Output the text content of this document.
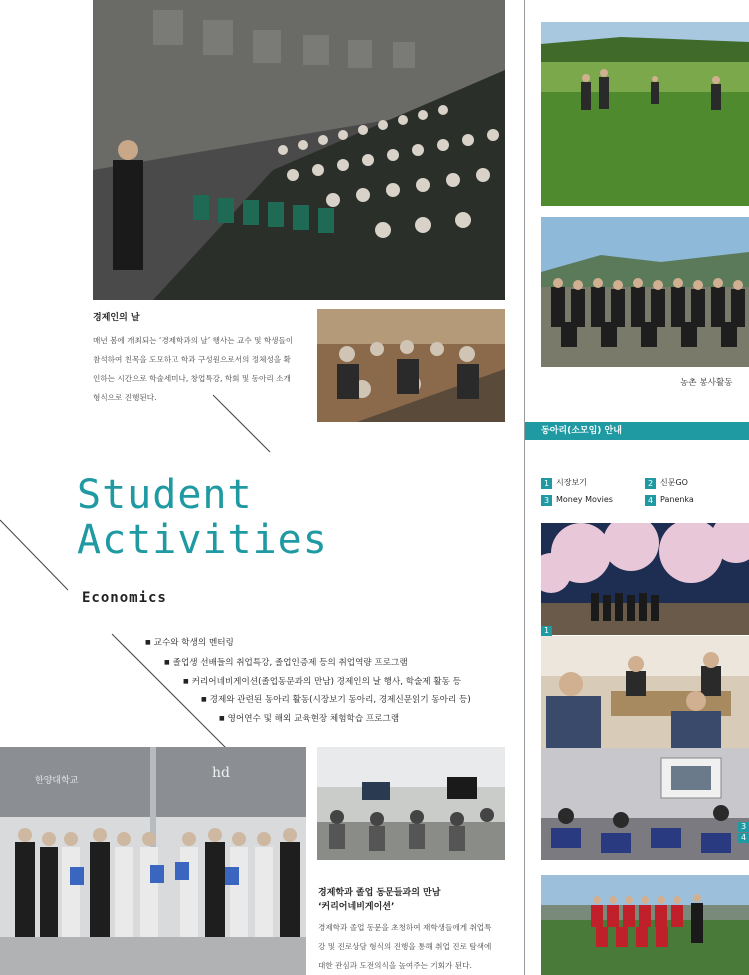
경제인의 날
매년 봄에 개최되는 ‘경제학과의 날’ 행사는 교수 및 학생들이
참석하여 친목을 도모하고 학과 구성원으로서의 정체성을 확
인하는 시간으로 학술세미나, 창업특강, 학회 및 동아리 소개
형식으로 진행된다.
Student
Activities
Economics
■ 교수와 학생의 멘터링
■ 졸업생 선배들의 취업특강, 졸업인증제 등의 취업역량 프로그램
■ 커리어네비게이션(졸업동문과의 만남) 경제인의 날 행사, 학술제 활동 등
■ 경제와 관련된 동아리 활동(시장보기 동아리, 경제신문읽기 동아리 등)
■ 영어연수 및 해외 교육현장 체험학습 프로그램
한양대학교	hd
경제학과 졸업 동문들과의 만남
‘커리어네비게이션’
경제학과 졸업 동문을 초청하여 재학생들에게 취업특
강 및 진로상담 형식의 진행을 통해 취업 진로 탐색에
대한 관심과 도전의식을 높여주는 기회가 된다.
농촌 봉사활동
동아리(소모임) 안내
1 시장보기	2 신문GO
3 Money Movies	4 Panenka
1
3
4
